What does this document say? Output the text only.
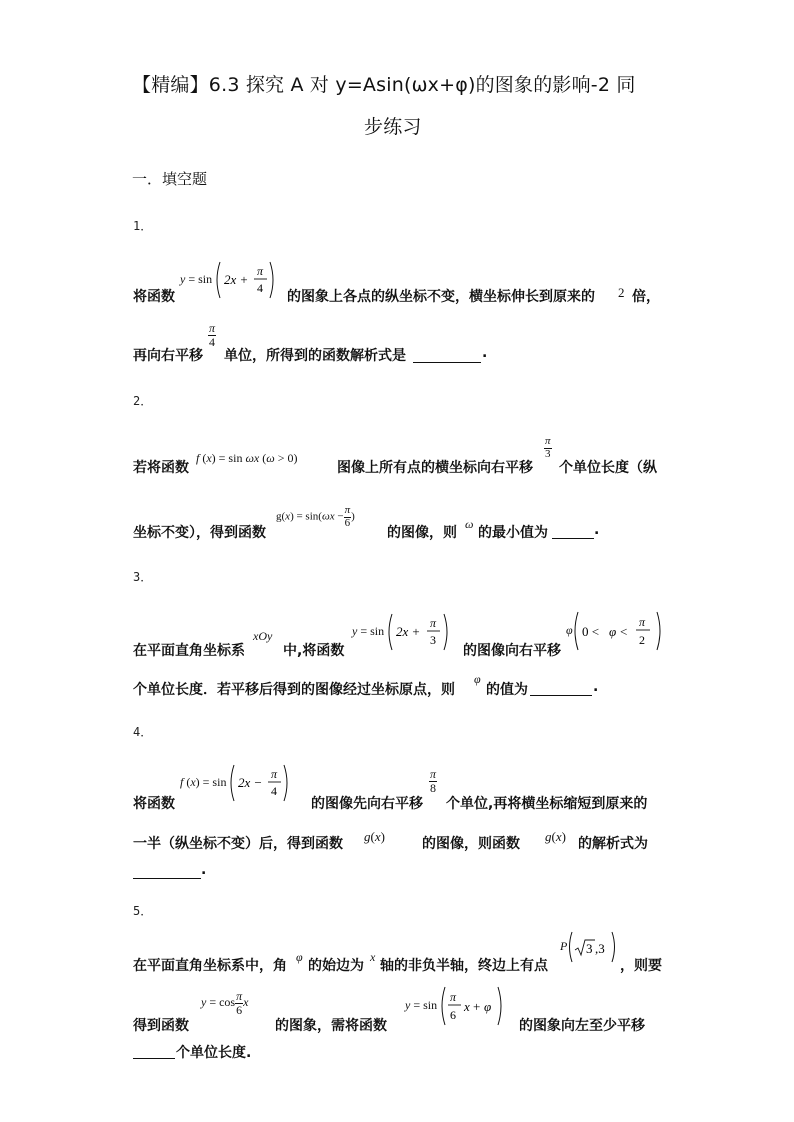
【精编】6.3 探究 A 对 y=Asin(ωx+φ)的图象的影响-2 同
步练习
一．填空题
1．
将函数
y = sin 2x +
π
4
的图象上各点的纵坐标不变，横坐标伸长到原来的 2 倍，
再向右平移
$\frac{\pi}{4}$
单位，所得到的函数解析式是	.
2．
若将函数
f (x) = sin ωx (ω > 0)
图像上所有点的横坐标向右平移
$\frac{\pi}{3}$
个单位长度（纵
坐标不变），得到函数
$g(x) = \sin(\omega x - \frac{\pi}{6}$ )
的图像，则
ω
的最小值为	.
3．
在平面直角坐标系
xOy
中,将函数
y = sin 2x +
π
3
的图像向右平移
φ 0 < φ <
π
2
个单位长度．若平移后得到的图像经过坐标原点，则
φ
的值为	.
4．
将函数
f (x) = sin 2x −
π
4
的图像先向右平移
$\frac{\pi}{8}$
个单位,再将横坐标缩短到原来的
一半（纵坐标不变）后，得到函数 g(x)	的图像，则函数 g(x) 的解析式为
.
5．
在平面直角坐标系中，角
φ
的始边为
x
轴的非负半轴，终边上有点
P 3 ,3
，则要
得到函数
$y = \cos \frac{\pi}{6}$ x
的图象，需将函数
y = sin
π
6
x + φ
的图象向左至少平移
个单位长度.
